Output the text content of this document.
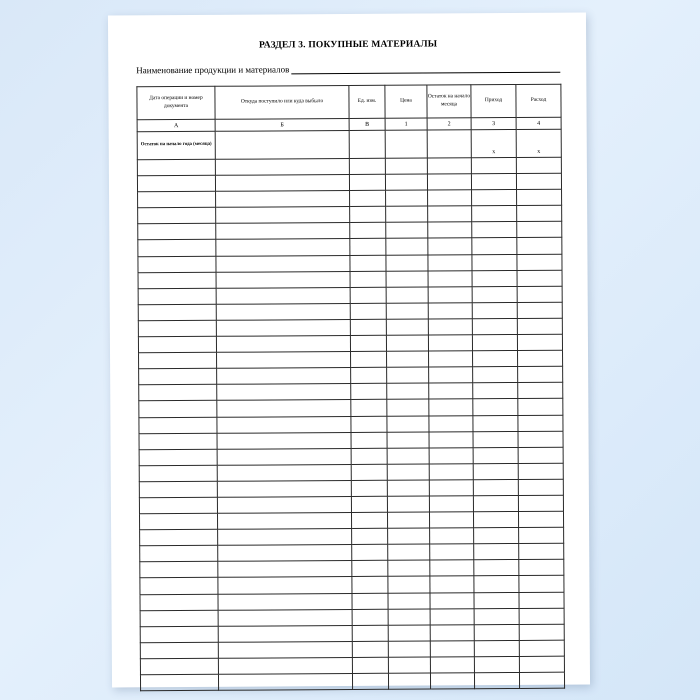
РАЗДЕЛ 3. ПОКУПНЫЕ МАТЕРИАЛЫ
Наименование продукции и материалов
Дата операции и номер документа	Откуда поступило или куда выбыло	Ед. изм.	Цена	Остаток на начало месяца	Приход	Расход
А	Б	В	1	2	3	4
Остаток на начало года (месяца)					х	х
